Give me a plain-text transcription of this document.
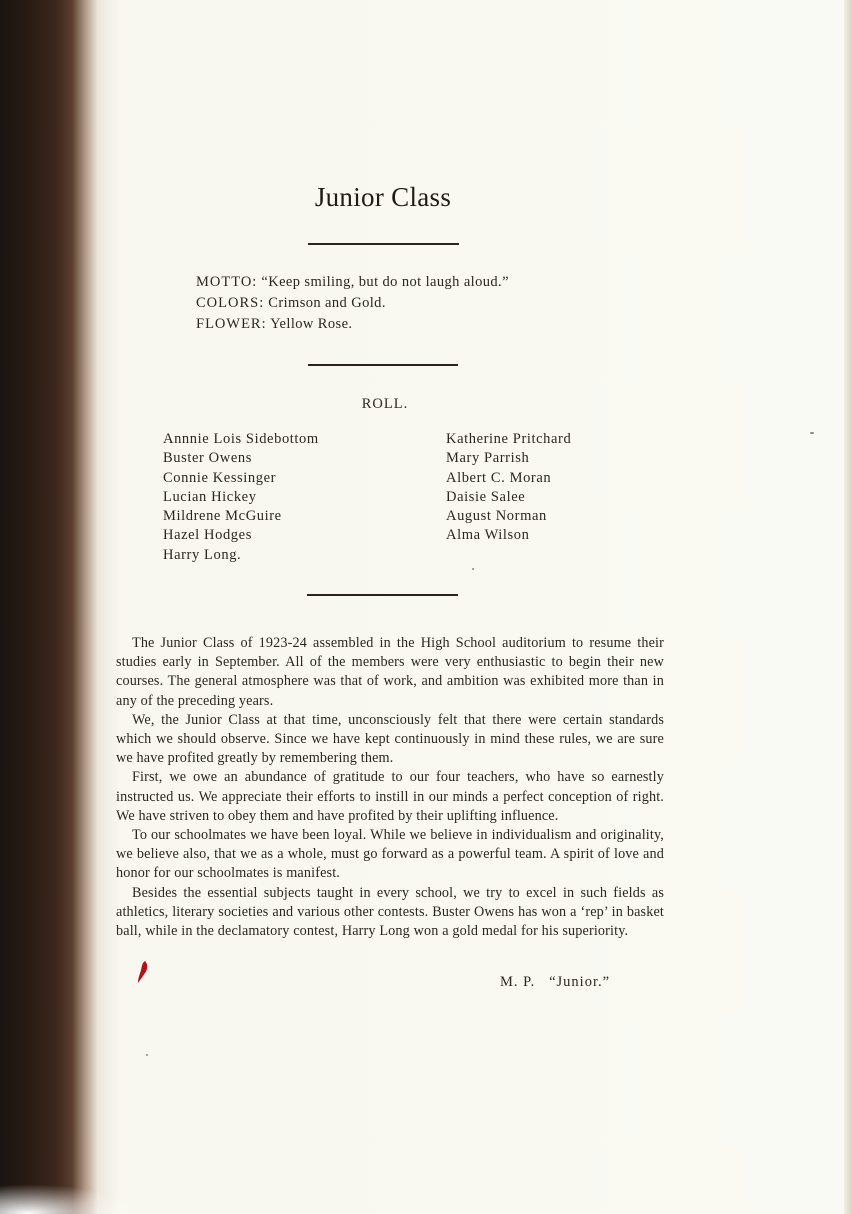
Junior Class
MOTTO: “Keep smiling, but do not laugh aloud.”
COLORS: Crimson and Gold.
FLOWER: Yellow Rose.
ROLL.
Annnie Lois Sidebottom
Buster Owens
Connie Kessinger
Lucian Hickey
Mildrene McGuire
Hazel Hodges
Harry Long.
Katherine Pritchard
Mary Parrish
Albert C. Moran
Daisie Salee
August Norman
Alma Wilson

The Junior Class of 1923-24 assembled in the High School auditorium to resume their studies early in September. All of the members were very enthusiastic to begin their new courses. The general atmosphere was that of work, and ambition was exhibited more than in any of the preceding years.

We, the Junior Class at that time, unconsciously felt that there were certain standards which we should observe. Since we have kept continuously in mind these rules, we are sure we have profited greatly by remembering them.

First, we owe an abundance of gratitude to our four teachers, who have so earnestly instructed us. We appreciate their efforts to instill in our minds a perfect conception of right. We have striven to obey them and have profited by their uplifting influence.

To our schoolmates we have been loyal. While we believe in individualism and originality, we believe also, that we as a whole, must go forward as a powerful team. A spirit of love and honor for our schoolmates is manifest.

Besides the essential subjects taught in every school, we try to excel in such fields as athletics, literary societies and various other contests. Buster Owens has won a ‘rep’ in basket ball, while in the declamatory contest, Harry Long won a gold medal for his superiority.

M. P.   “Junior.”
